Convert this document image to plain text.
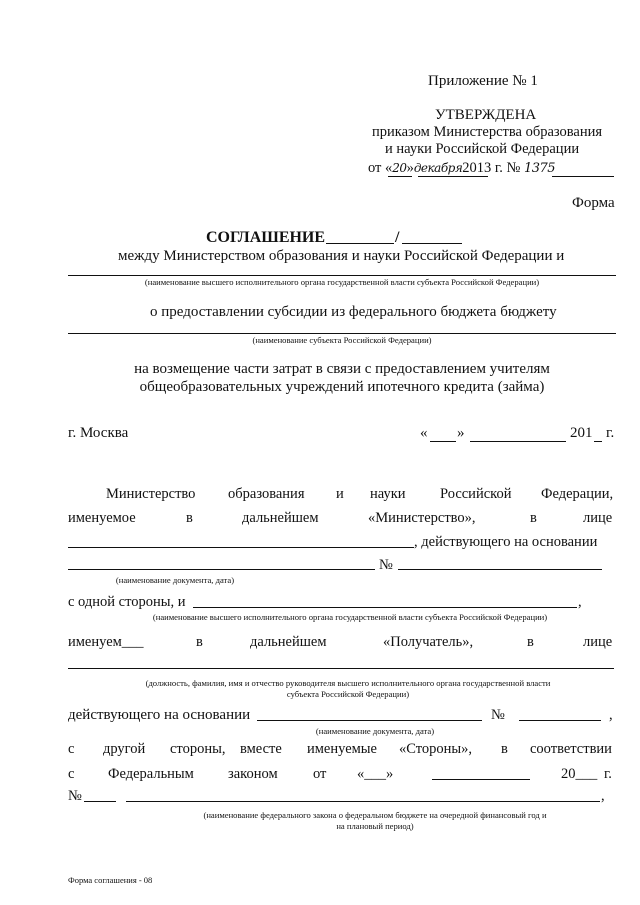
Приложение № 1
УТВЕРЖДЕНА
приказом Министерства образования
и науки Российской Федерации
от «20»декабря2013 г. № 1375
Форма
СОГЛАШЕНИЕ	/
между Министерством образования и науки Российской Федерации и
(наименование высшего исполнительного органа государственной власти субъекта Российской Федерации)
о предоставлении субсидии из федерального бюджета бюджету
(наименование субъекта Российской Федерации)
на возмещение части затрат в связи с предоставлением учителям
общеобразовательных учреждений ипотечного кредита (займа)
г. Москва	« »	201 г.
Министерство образования и науки Российской Федерации,
именуемое	в	дальнейшем	«Министерство»,	в	лице
, действующего на основании
№
(наименование документа, дата)
с одной стороны, и	,
(наименование высшего исполнительного органа государственной власти субъекта Российской Федерации)
именуем___	в	дальнейшем	«Получатель»,	в	лице
(должность, фамилия, имя и отчество руководителя высшего исполнительного органа государственной власти
субъекта Российской Федерации)
действующего на основании	№	,
(наименование документа, дата)
с другой стороны, вместе именуемые «Стороны», в соответствии
с Федеральным законом от «___»	20___ г.
№	,
(наименование федерального закона о федеральном бюджете на очередной финансовый год и
на плановый период)
Форма соглашения - 08
